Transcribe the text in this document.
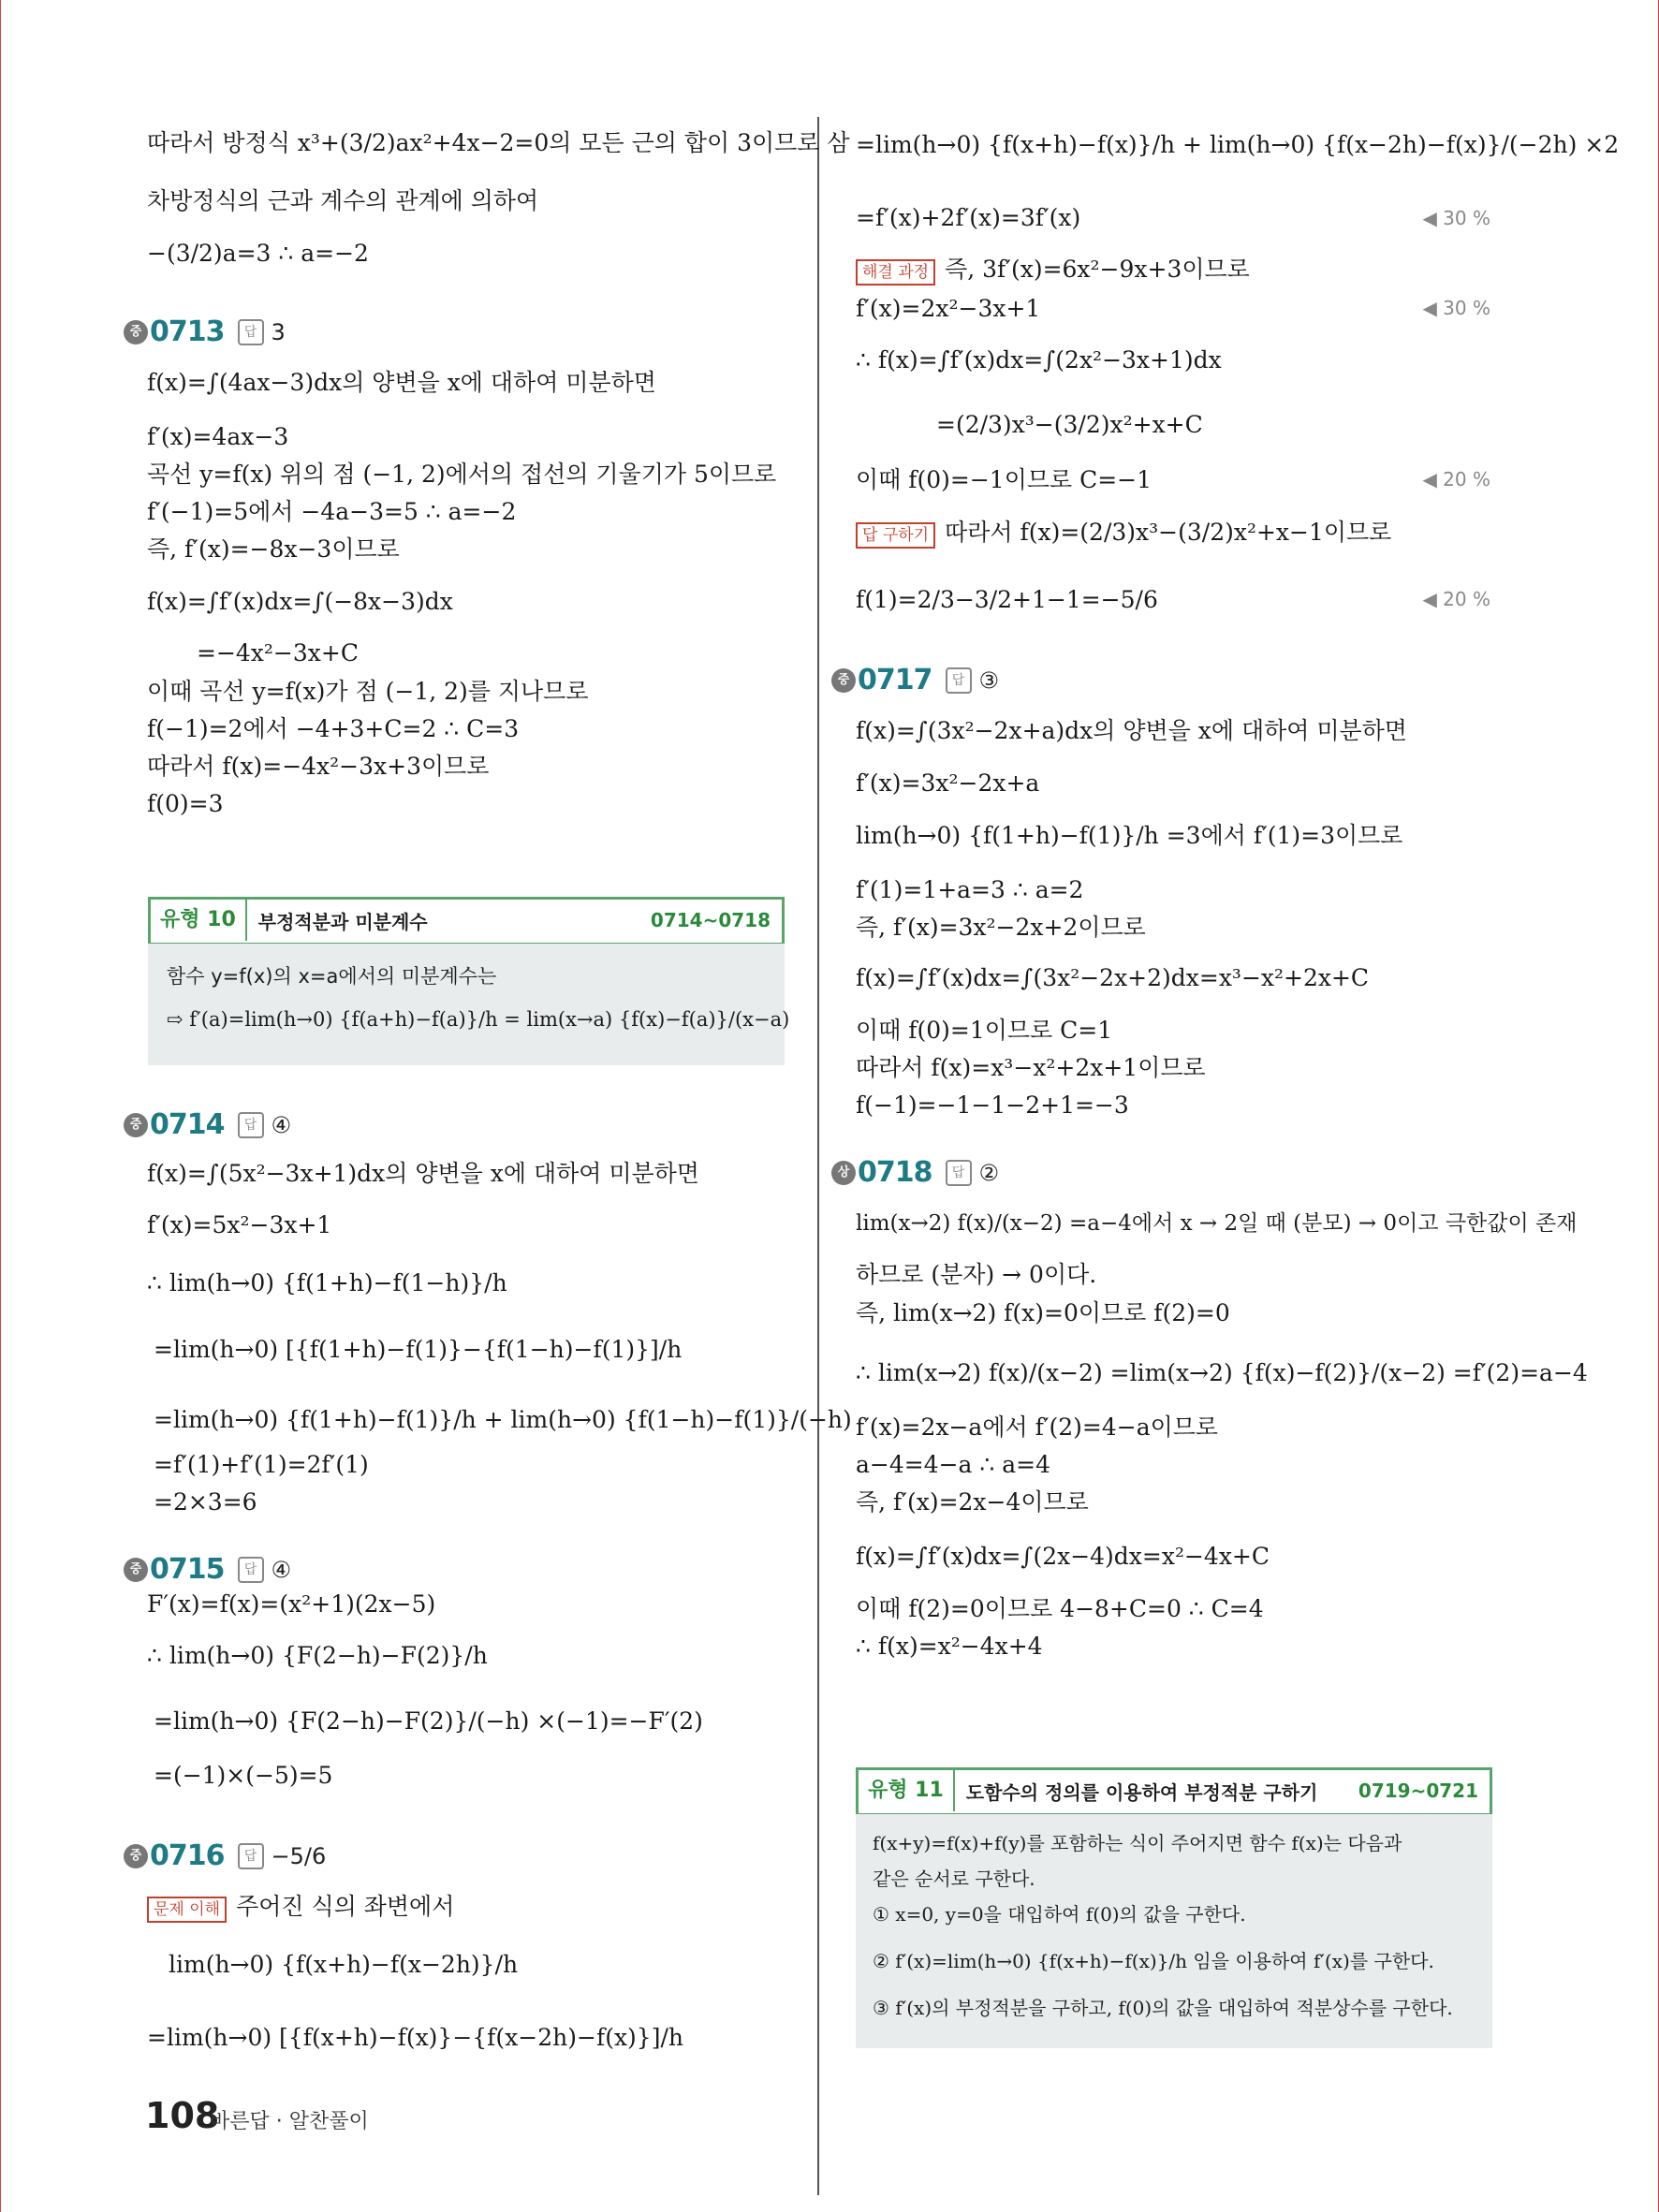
따라서 방정식 x³+(3/2)ax²+4x−2=0의 모든 근의 합이 3이므로 삼
차방정식의 근과 계수의 관계에 의하여
−(3/2)a=3 ∴ a=−2
중 0713	답 3
f(x)=∫(4ax−3)dx의 양변을 x에 대하여 미분하면
f′(x)=4ax−3
곡선 y=f(x) 위의 점 (−1, 2)에서의 접선의 기울기가 5이므로
f′(−1)=5에서 −4a−3=5 ∴ a=−2
즉, f′(x)=−8x−3이므로
f(x)=∫f′(x)dx=∫(−8x−3)dx
=−4x²−3x+C
이때 곡선 y=f(x)가 점 (−1, 2)를 지나므로
f(−1)=2에서 −4+3+C=2 ∴ C=3
따라서 f(x)=−4x²−3x+3이므로
f(0)=3
유형 10	부정적분과 미분계수	0714~0718
함수 y=f(x)의 x=a에서의 미분계수는
⇨ f′(a)=lim(h→0) {f(a+h)−f(a)}/h = lim(x→a) {f(x)−f(a)}/(x−a)
중 0714	답 ④
f(x)=∫(5x²−3x+1)dx의 양변을 x에 대하여 미분하면
f′(x)=5x²−3x+1
∴ lim(h→0) {f(1+h)−f(1−h)}/h
=lim(h→0) [{f(1+h)−f(1)}−{f(1−h)−f(1)}]/h
=lim(h→0) {f(1+h)−f(1)}/h + lim(h→0) {f(1−h)−f(1)}/(−h)
=f′(1)+f′(1)=2f′(1)
=2×3=6
중 0715	답 ④
F′(x)=f(x)=(x²+1)(2x−5)
∴ lim(h→0) {F(2−h)−F(2)}/h
=lim(h→0) {F(2−h)−F(2)}/(−h) ×(−1)=−F′(2)
=(−1)×(−5)=5
중 0716	답 −5/6
문제 이해 주어진 식의 좌변에서
lim(h→0) {f(x+h)−f(x−2h)}/h
=lim(h→0) [{f(x+h)−f(x)}−{f(x−2h)−f(x)}]/h
108
바른답 · 알찬풀이
=lim(h→0) {f(x+h)−f(x)}/h + lim(h→0) {f(x−2h)−f(x)}/(−2h) ×2
=f′(x)+2f′(x)=3f′(x)	◀ 30 %
해결 과정 즉, 3f′(x)=6x²−9x+3이므로
f′(x)=2x²−3x+1	◀ 30 %
∴ f(x)=∫f′(x)dx=∫(2x²−3x+1)dx
=(2/3)x³−(3/2)x²+x+C
이때 f(0)=−1이므로 C=−1	◀ 20 %
답 구하기 따라서 f(x)=(2/3)x³−(3/2)x²+x−1이므로
f(1)=2/3−3/2+1−1=−5/6	◀ 20 %
중 0717	답 ③
f(x)=∫(3x²−2x+a)dx의 양변을 x에 대하여 미분하면
f′(x)=3x²−2x+a
lim(h→0) {f(1+h)−f(1)}/h =3에서 f′(1)=3이므로
f′(1)=1+a=3 ∴ a=2
즉, f′(x)=3x²−2x+2이므로
f(x)=∫f′(x)dx=∫(3x²−2x+2)dx=x³−x²+2x+C
이때 f(0)=1이므로 C=1
따라서 f(x)=x³−x²+2x+1이므로
f(−1)=−1−1−2+1=−3
상 0718	답 ②
lim(x→2) f(x)/(x−2) =a−4에서 x → 2일 때 (분모) → 0이고 극한값이 존재
하므로 (분자) → 0이다.
즉, lim(x→2) f(x)=0이므로 f(2)=0
∴ lim(x→2) f(x)/(x−2) =lim(x→2) {f(x)−f(2)}/(x−2) =f′(2)=a−4
f′(x)=2x−a에서 f′(2)=4−a이므로
a−4=4−a ∴ a=4
즉, f′(x)=2x−4이므로
f(x)=∫f′(x)dx=∫(2x−4)dx=x²−4x+C
이때 f(2)=0이므로 4−8+C=0 ∴ C=4
∴ f(x)=x²−4x+4
유형 11	도함수의 정의를 이용하여 부정적분 구하기	0719~0721
f(x+y)=f(x)+f(y)를 포함하는 식이 주어지면 함수 f(x)는 다음과
같은 순서로 구한다.
① x=0, y=0을 대입하여 f(0)의 값을 구한다.
② f′(x)=lim(h→0) {f(x+h)−f(x)}/h 임을 이용하여 f′(x)를 구한다.
③ f′(x)의 부정적분을 구하고, f(0)의 값을 대입하여 적분상수를 구한다.
